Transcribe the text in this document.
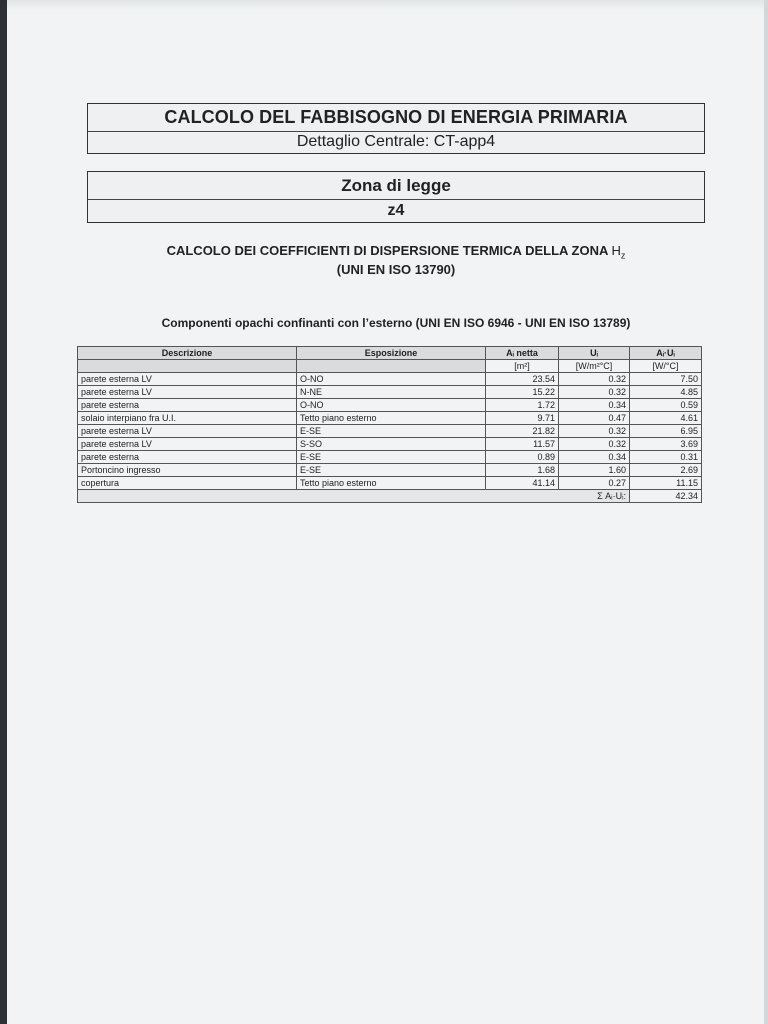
CALCOLO DEL FABBISOGNO DI ENERGIA PRIMARIA
Dettaglio Centrale: CT-app4
Zona di legge
z4
CALCOLO DEI COEFFICIENTI DI DISPERSIONE TERMICA DELLA ZONA $H_z$
(UNI EN ISO 13790)
Componenti opachi confinanti con l’esterno (UNI EN ISO 6946 - UNI EN ISO 13789)
Descrizione	Esposizione	Aᵢ netta	Uᵢ	Aᵢ·Uᵢ
		[m²]	[W/m²°C]	[W/°C]
parete esterna LV	O-NO	23.54	0.32	7.50
parete esterna LV	N-NE	15.22	0.32	4.85
parete esterna	O-NO	1.72	0.34	0.59
solaio interpiano fra U.I.	Tetto piano esterno	9.71	0.47	4.61
parete esterna LV	E-SE	21.82	0.32	6.95
parete esterna LV	S-SO	11.57	0.32	3.69
parete esterna	E-SE	0.89	0.34	0.31
Portoncino ingresso	E-SE	1.68	1.60	2.69
copertura	Tetto piano esterno	41.14	0.27	11.15
Σ Aᵢ·Uᵢ:				42.34
